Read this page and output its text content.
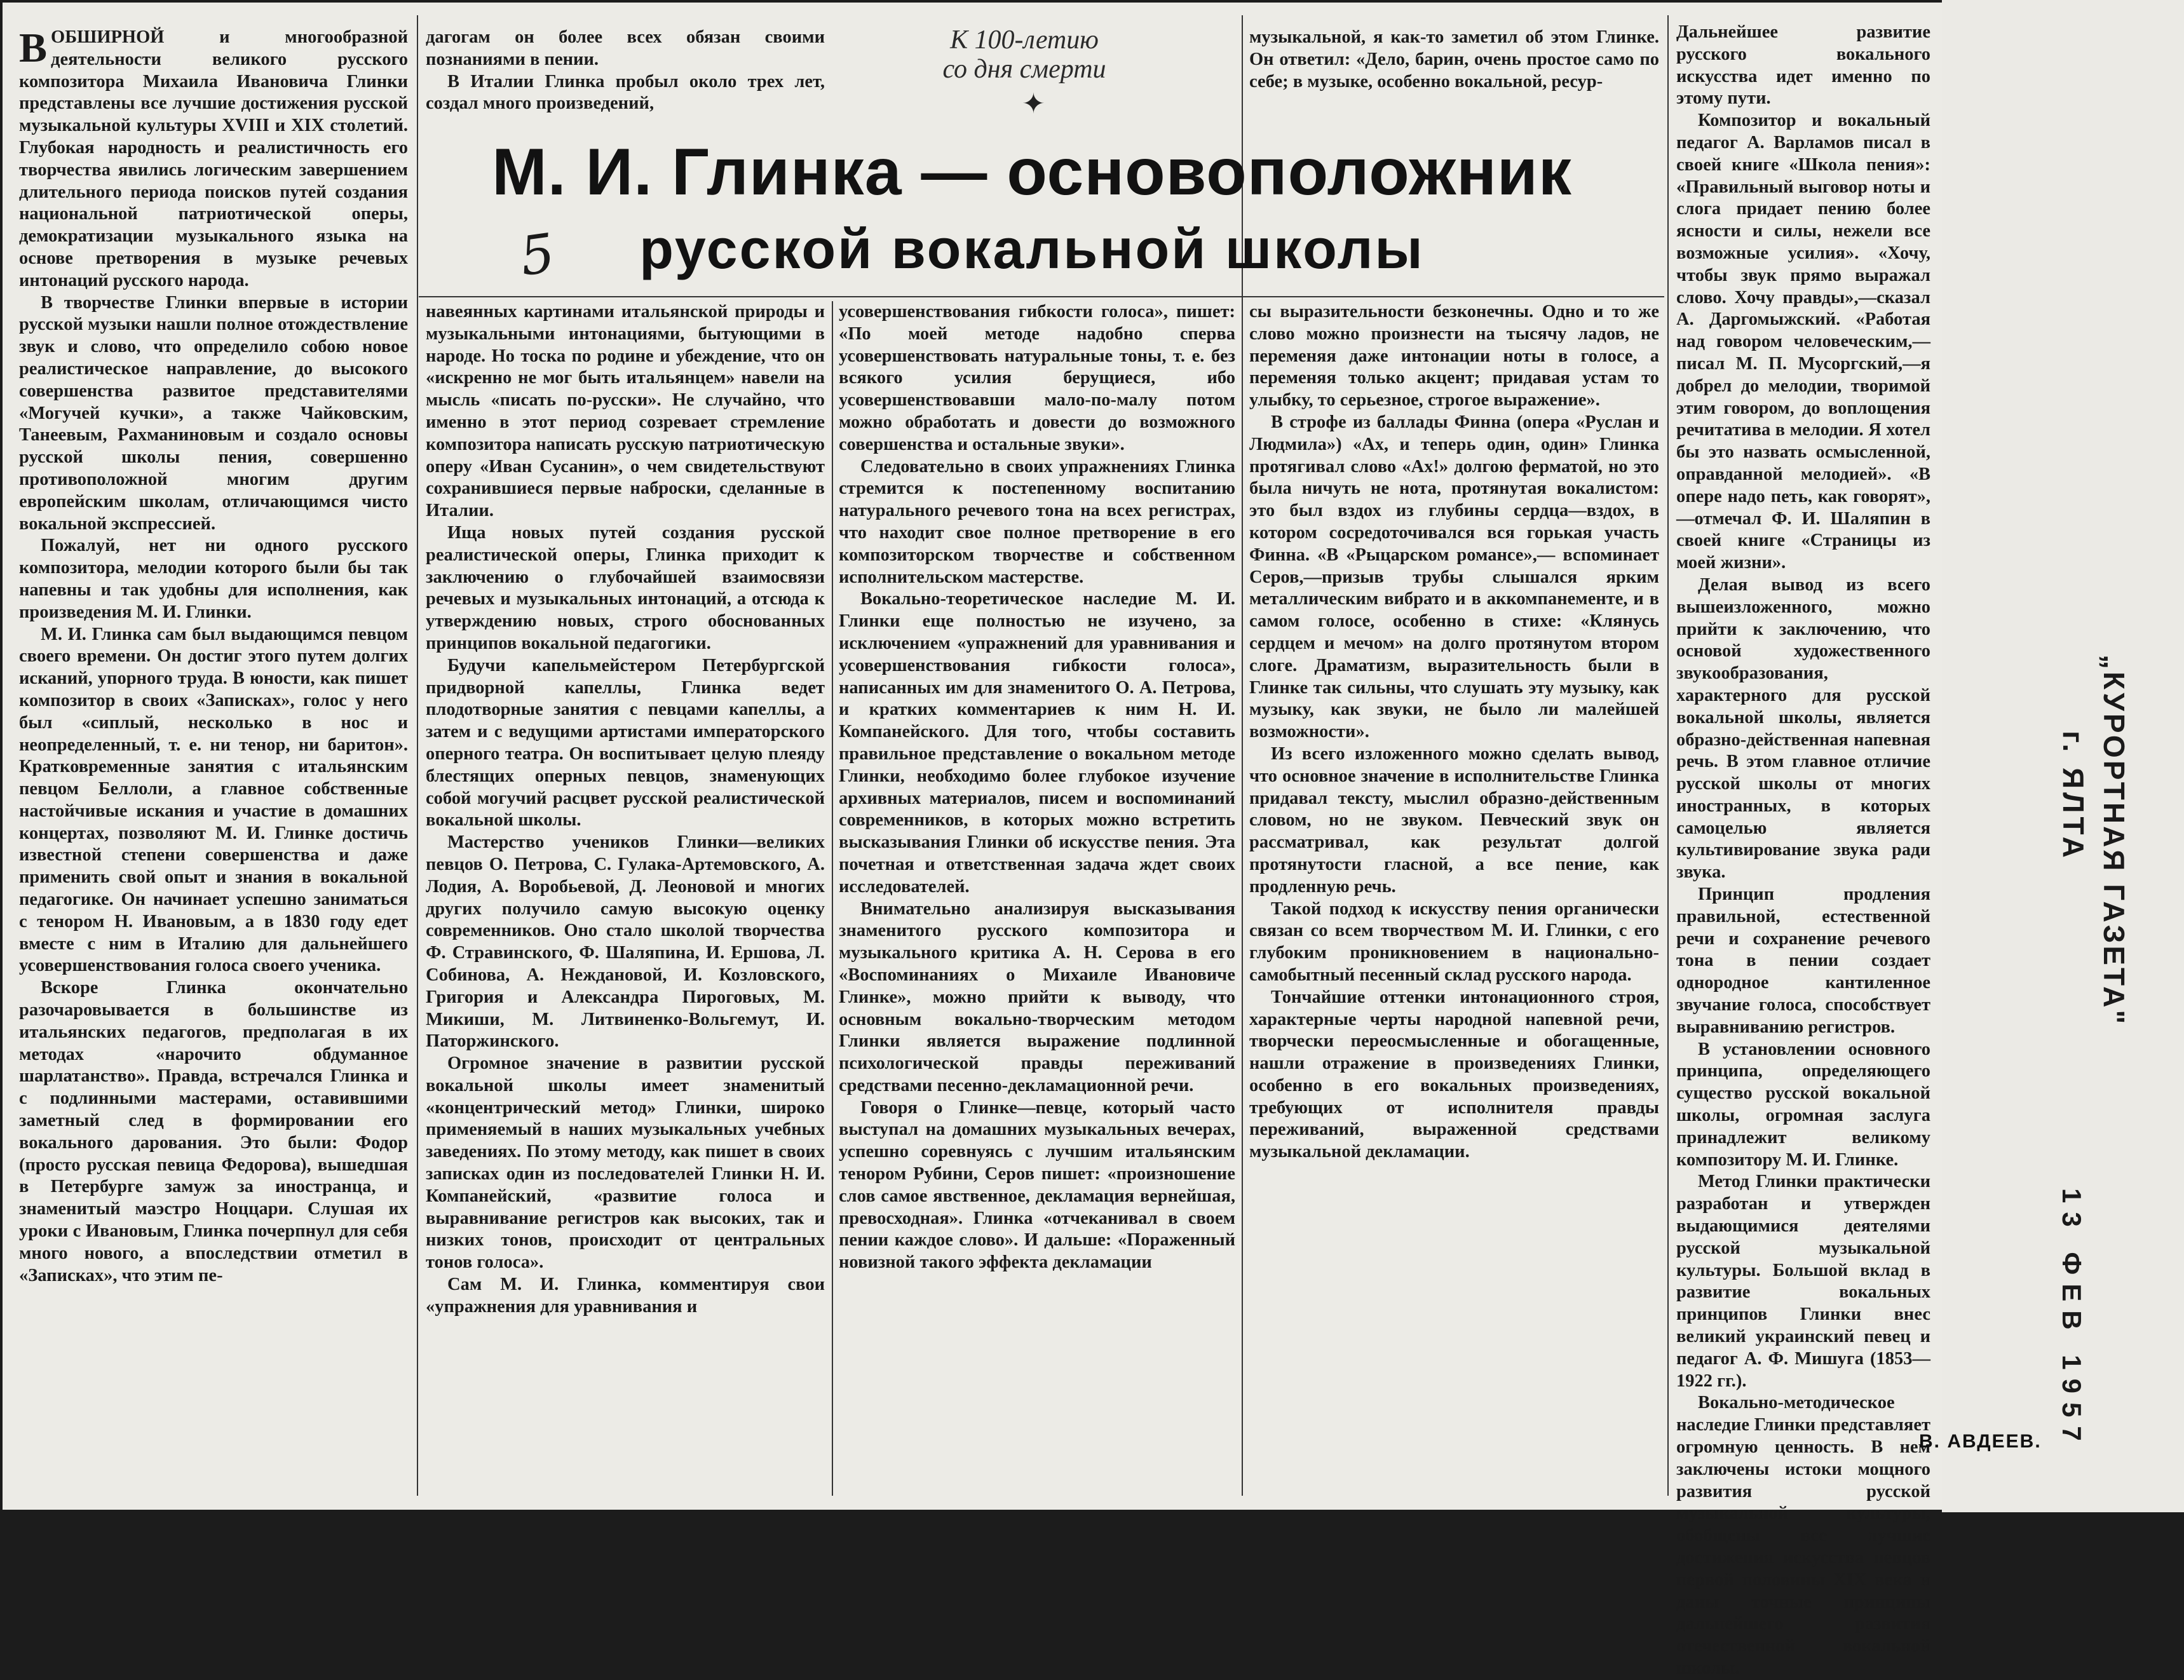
К 100-летию
со дня смерти
✦
М. И. Глинка — основоположник
русской вокальной школы
5

ВОБШИРНОЙ и многообразной деятельности великого русского композитора Михаила Ивановича Глинки представлены все лучшие достижения русской музыкальной культуры XVIII и XIX столетий. Глубокая народность и реалистичность его творчества явились логическим завершением длительного периода поисков путей создания национальной патриотической оперы, демократизации музыкального языка на основе претворения в музыке речевых интонаций русского народа.

В творчестве Глинки впервые в истории русской музыки нашли полное отождествление звук и слово, что определило собою новое реалистическое направление, до высокого совершенства развитое представителями «Могучей кучки», а также Чайковским, Танеевым, Рахманиновым и создало основы русской школы пения, совершенно противоположной многим другим европейским школам, отличающимся чисто вокальной экспрессией.

Пожалуй, нет ни одного русского композитора, мелодии которого были бы так напевны и так удобны для исполнения, как произведения М. И. Глинки.

М. И. Глинка сам был выдающимся певцом своего времени. Он достиг этого путем долгих исканий, упорного труда. В юности, как пишет композитор в своих «Записках», голос у него был «сиплый, несколько в нос и неопределенный, т. е. ни тенор, ни баритон». Кратковременные занятия с итальянским певцом Беллоли, а главное собственные настойчивые искания и участие в домашних концертах, позволяют М. И. Глинке достичь известной степени совершенства и даже применить свой опыт и знания в вокальной педагогике. Он начинает успешно заниматься с тенором Н. Ивановым, а в 1830 году едет вместе с ним в Италию для дальнейшего усовершенствования голоса своего ученика.

Вскоре Глинка окончательно разочаровывается в большинстве из итальянских педагогов, предполагая в их методах «нарочито обдуманное шарлатанство». Правда, встречался Глинка и с подлинными мастерами, оставившими заметный след в формировании его вокального дарования. Это были: Фодор (просто русская певица Федорова), вышедшая в Петербурге замуж за иностранца, и знаменитый маэстро Ноццари. Слушая их уроки с Ивановым, Глинка почерпнул для себя много нового, а впоследствии отметил в «Записках», что этим пе-

дагогам он более всех обязан своими познаниями в пении.

В Италии Глинка пробыл около трех лет, создал много произведений,

музыкальной, я как-то заметил об этом Глинке. Он ответил: «Дело, барин, очень простое само по себе; в музыке, особенно вокальной, ресур-

навеянных картинами итальянской природы и музыкальными интонациями, бытующими в народе. Но тоска по родине и убеждение, что он «искренно не мог быть итальянцем» навели на мысль «писать по-русски». Не случайно, что именно в этот период созревает стремление композитора написать русскую патриотическую оперу «Иван Сусанин», о чем свидетельствуют сохранившиеся первые наброски, сделанные в Италии.

Ища новых путей создания русской реалистической оперы, Глинка приходит к заключению о глубочайшей взаимосвязи речевых и музыкальных интонаций, а отсюда к утверждению новых, строго обоснованных принципов вокальной педагогики.

Будучи капельмейстером Петербургской придворной капеллы, Глинка ведет плодотворные занятия с певцами капеллы, а затем и с ведущими артистами императорского оперного театра. Он воспитывает целую плеяду блестящих оперных певцов, знаменующих собой могучий расцвет русской реалистической вокальной школы.

Мастерство учеников Глинки—великих певцов О. Петрова, С. Гулака-Артемовского, А. Лодия, А. Воробьевой, Д. Леоновой и многих других получило самую высокую оценку современников. Оно стало школой творчества Ф. Стравинского, Ф. Шаляпина, И. Ершова, Л. Собинова, А. Неждановой, И. Козловского, Григория и Александра Пироговых, М. Микиши, М. Литвиненко-Вольгемут, И. Паторжинского.

Огромное значение в развитии русской вокальной школы имеет знаменитый «концентрический метод» Глинки, широко применяемый в наших музыкальных учебных заведениях. По этому методу, как пишет в своих записках один из последователей Глинки Н. И. Компанейский, «развитие голоса и выравнивание регистров как высоких, так и низких тонов, происходит от центральных тонов голоса».

Сам М. И. Глинка, комментируя свои «упражнения для уравнивания и

усовершенствования гибкости голоса», пишет: «По моей методе надобно сперва усовершенствовать натуральные тоны, т. е. без всякого усилия берущиеся, ибо усовершенствовавши мало-по-малу потом можно обработать и довести до возможного совершенства и остальные звуки».

Следовательно в своих упражнениях Глинка стремится к постепенному воспитанию натурального речевого тона на всех регистрах, что находит свое полное претворение в его композиторском творчестве и собственном исполнительском мастерстве.

Вокально-теоретическое наследие М. И. Глинки еще полностью не изучено, за исключением «упражнений для уравнивания и усовершенствования гибкости голоса», написанных им для знаменитого О. А. Петрова, и кратких комментариев к ним Н. И. Компанейского. Для того, чтобы составить правильное представление о вокальном методе Глинки, необходимо более глубокое изучение архивных материалов, писем и воспоминаний современников, в которых можно встретить высказывания Глинки об искусстве пения. Эта почетная и ответственная задача ждет своих исследователей.

Внимательно анализируя высказывания знаменитого русского композитора и музыкального критика А. Н. Серова в его «Воспоминаниях о Михаиле Ивановиче Глинке», можно прийти к выводу, что основным вокально-творческим методом Глинки является выражение подлинной психологической правды переживаний средствами песенно-декламационной речи.

Говоря о Глинке—певце, который часто выступал на домашних музыкальных вечерах, успешно соревнуясь с лучшим итальянским тенором Рубини, Серов пишет: «произношение слов самое явственное, декламация вернейшая, превосходная». Глинка «отчеканивал в своем пении каждое слово». И дальше: «Пораженный новизной такого эффекта декламации

сы выразительности безконечны. Одно и то же слово можно произнести на тысячу ладов, не переменяя даже интонации ноты в голосе, а переменяя только акцент; придавая устам то улыбку, то серьезное, строгое выражение».

В строфе из баллады Финна (опера «Руслан и Людмила») «Ах, и теперь один, один» Глинка протягивал слово «Ах!» долгою ферматой, но это была ничуть не нота, протянутая вокалистом: это был вздох из глубины сердца—вздох, в котором сосредоточивался вся горькая участь Финна. «В «Рыцарском романсе»,— вспоминает Серов,—призыв трубы слышался ярким металлическим вибрато и в аккомпанементе, и в самом голосе, особенно в стихе: «Клянусь сердцем и мечом» на долго протянутом втором слоге. Драматизм, выразительность были в Глинке так сильны, что слушать эту музыку, как музыку, как звуки, не было ли малейшей возможности».

Из всего изложенного можно сделать вывод, что основное значение в исполнительстве Глинка придавал тексту, мыслил образно-действенным словом, но не звуком. Певческий звук он рассматривал, как результат долгой протянутости гласной, а все пение, как продленную речь.

Такой подход к искусству пения органически связан со всем творчеством М. И. Глинки, с его глубоким проникновением в национально-самобытный песенный склад русского народа.

Тончайшие оттенки интонационного строя, характерные черты народной напевной речи, творчески переосмысленные и обогащенные, нашли отражение в произведениях Глинки, особенно в его вокальных произведениях, требующих от исполнителя правды переживаний, выраженной средствами музыкальной декламации.

Дальнейшее развитие русского вокального искусства идет именно по этому пути.

Композитор и вокальный педагог А. Варламов писал в своей книге «Школа пения»: «Правильный выговор ноты и слога придает пению более ясности и силы, нежели все возможные усилия». «Хочу, чтобы звук прямо выражал слово. Хочу правды»,—сказал А. Даргомыжский. «Работая над говором человеческим,—писал М. П. Мусоргский,—я добрел до мелодии, творимой этим говором, до воплощения речитатива в мелодии. Я хотел бы это назвать осмысленной, оправданной мелодией». «В опере надо петь, как говорят»,—отмечал Ф. И. Шаляпин в своей книге «Страницы из моей жизни».

Делая вывод из всего вышеизложенного, можно прийти к заключению, что основой художественного звукообразования, характерного для русской вокальной школы, является образно-действенная напевная речь. В этом главное отличие русской школы от многих иностранных, в которых самоцелью является культивирование звука ради звука.

Принцип продления правильной, естественной речи и сохранение речевого тона в пении создает однородное кантиленное звучание голоса, способствует выравниванию регистров.

В установлении основного принципа, определяющего существо русской вокальной школы, огромная заслуга принадлежит великому композитору М. И. Глинке.

Метод Глинки практически разработан и утвержден выдающимися деятелями русской музыкальной культуры. Большой вклад в развитие вокальных принципов Глинки внес великий украинский певец и педагог А. Ф. Мишуга (1853—1922 гг.).

Вокально-методическое наследие Глинки представляет огромную ценность. В нем заключены истоки мощного развития русской музыкальной культуры, обобщены все лучшие достижения искусства певцов первой половины XIX века и даны точные принципы дальнейшего развития отечественной вокальной школы.

В. АВДЕЕВ.
„КУРОРТНАЯ ГАЗЕТА"
г. ЯЛТА
13 ФЕВ 1957
